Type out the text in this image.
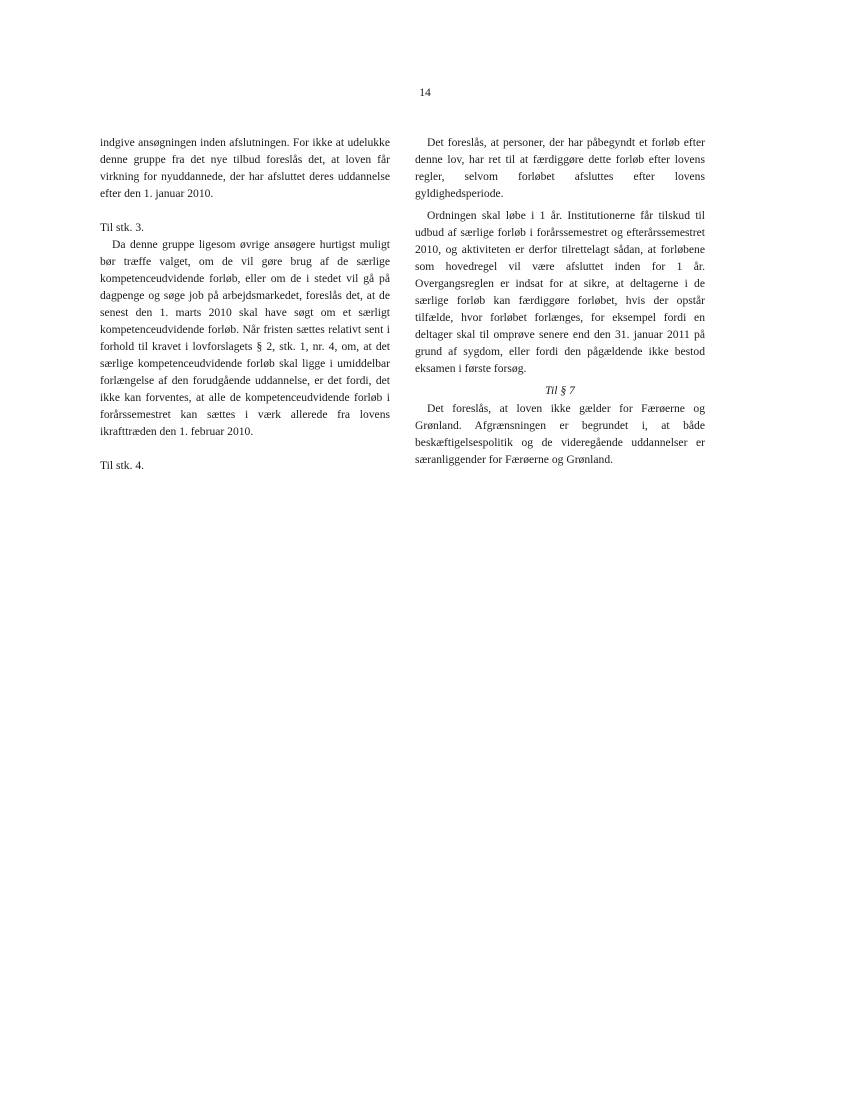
14

indgive ansøgningen inden afslutningen. For ikke at udelukke denne gruppe fra det nye tilbud foreslås det, at loven får virkning for nyuddannede, der har afsluttet deres uddannelse efter den 1. januar 2010.

Til stk. 3.

Da denne gruppe ligesom øvrige ansøgere hurtigst muligt bør træffe valget, om de vil gøre brug af de særlige kompetenceudvidende forløb, eller om de i stedet vil gå på dagpenge og søge job på arbejdsmarkedet, foreslås det, at de senest den 1. marts 2010 skal have søgt om et særligt kompetenceudvidende forløb. Når fristen sættes relativt sent i forhold til kravet i lovforslagets § 2, stk. 1, nr. 4, om, at det særlige kompetenceudvidende forløb skal ligge i umiddelbar forlængelse af den forudgående uddannelse, er det fordi, det ikke kan forventes, at alle de kompetenceudvidende forløb i forårssemestret kan sættes i værk allerede fra lovens ikrafttræden den 1. februar 2010.

Til stk. 4.

Det foreslås, at personer, der har påbegyndt et forløb efter denne lov, har ret til at færdiggøre dette forløb efter lovens regler, selvom forløbet afsluttes efter lovens gyldighedsperiode.

Ordningen skal løbe i 1 år. Institutionerne får tilskud til udbud af særlige forløb i forårssemestret og efterårssemestret 2010, og aktiviteten er derfor tilrettelagt sådan, at forløbene som hovedregel vil være afsluttet inden for 1 år. Overgangsreglen er indsat for at sikre, at deltagerne i de særlige forløb kan færdiggøre forløbet, hvis der opstår tilfælde, hvor forløbet forlænges, for eksempel fordi en deltager skal til omprøve senere end den 31. januar 2011 på grund af sygdom, eller fordi den pågældende ikke bestod eksamen i første forsøg.

Til § 7

Det foreslås, at loven ikke gælder for Færøerne og Grønland. Afgrænsningen er begrundet i, at både beskæftigelsespolitik og de videregående uddannelser er særanliggender for Færøerne og Grønland.
